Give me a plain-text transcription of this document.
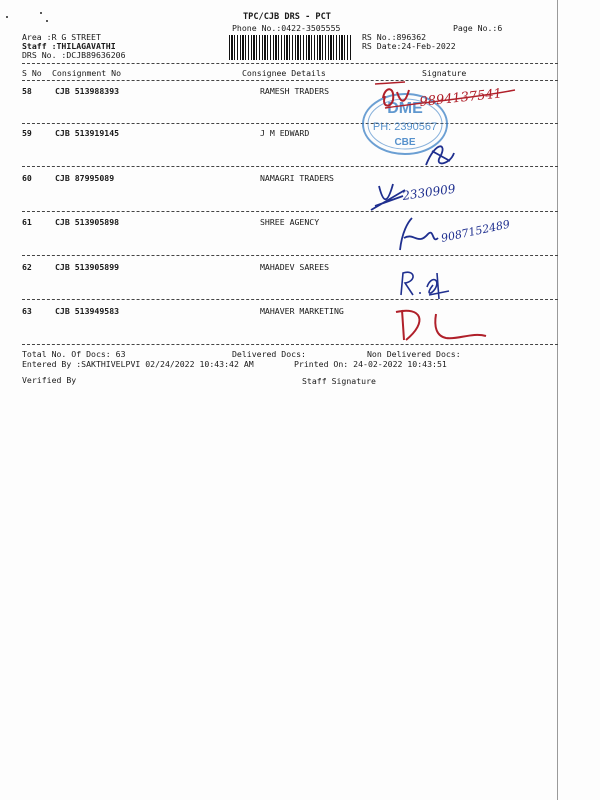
TPC/CJB DRS - PCT
Phone No.:0422-3505555	Page No.:6
Area :R G STREET
Staff :THILAGAVATHI
DRS No. :DCJB89636206
RS No.:896362
RS Date:24-Feb-2022
S No Consignment No	Consignee Details	Signature
58	CJB 513988393	RAMESH TRADERS
59	CJB 513919145	J M EDWARD
60	CJB 87995089	NAMAGRI TRADERS
61	CJB 513905898	SHREE AGENCY
62	CJB 513905899	MAHADEV SAREES
63	CJB 513949583	MAHAVER MARKETING
DME
PH: 2390567
CBE
9894137541
2330909
9087152489
Total No. Of Docs: 63	Delivered Docs:	Non Delivered Docs:
Entered By :SAKTHIVELPVI 02/24/2022 10:43:42 AM	Printed On: 24-02-2022 10:43:51
Verified By	Staff Signature
